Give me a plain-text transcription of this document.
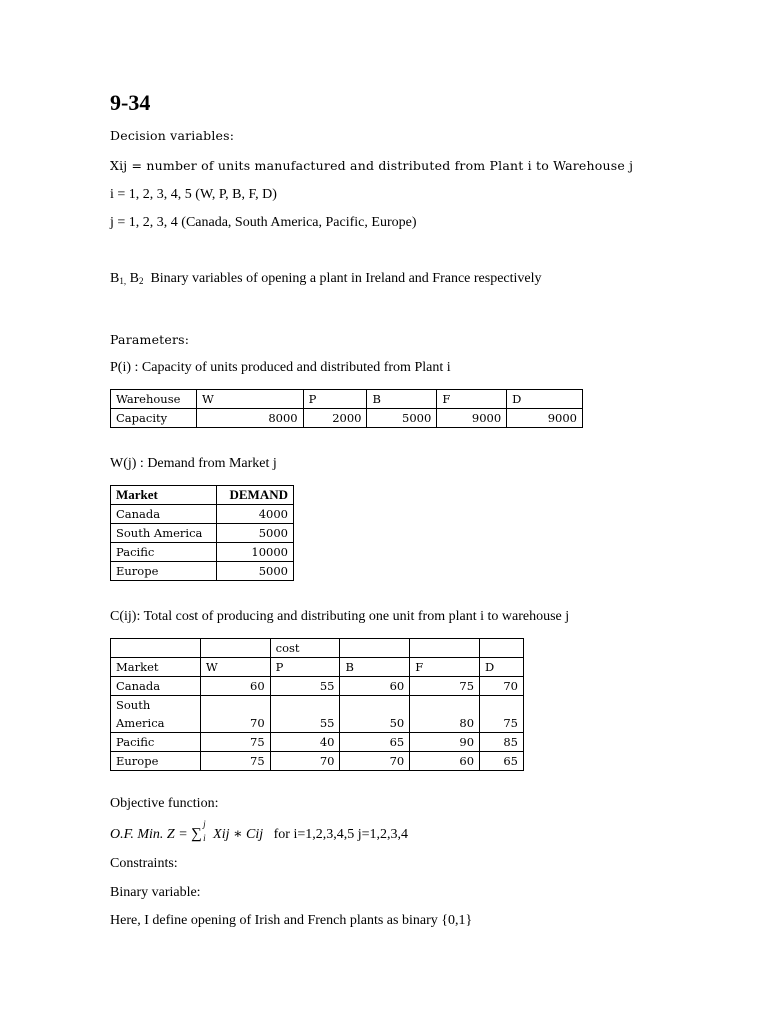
9-34
Decision variables:
Xij = number of units manufactured and distributed from Plant i to Warehouse j
i = 1, 2, 3, 4, 5 (W, P, B, F, D)
j = 1, 2, 3, 4 (Canada, South America, Pacific, Europe)
$B_{1,}$ $B_2$ Binary variables of opening a plant in Ireland and France respectively
Parameters:
P(i) : Capacity of units produced and distributed from Plant i
Warehouse	W	P	B	F	D
Capacity	8000	2000	5000	9000	9000
W(j) : Demand from Market j
Market	DEMAND
Canada	4000
South America	5000
Pacific	10000
Europe	5000
C(ij): Total cost of producing and distributing one unit from plant i to warehouse j
		cost			
Market	W	P	B	F	D
Canada	60	55	60	75	70
South
America	70	55	50	80	75
Pacific	75	40	65	90	85
Europe	75	70	70	60	65
Objective function:
O.F. Min. Z = ∑
j
i Xij ∗ Cij for i=1,2,3,4,5 j=1,2,3,4
Constraints:
Binary variable:
Here, I define opening of Irish and French plants as binary {0,1}
